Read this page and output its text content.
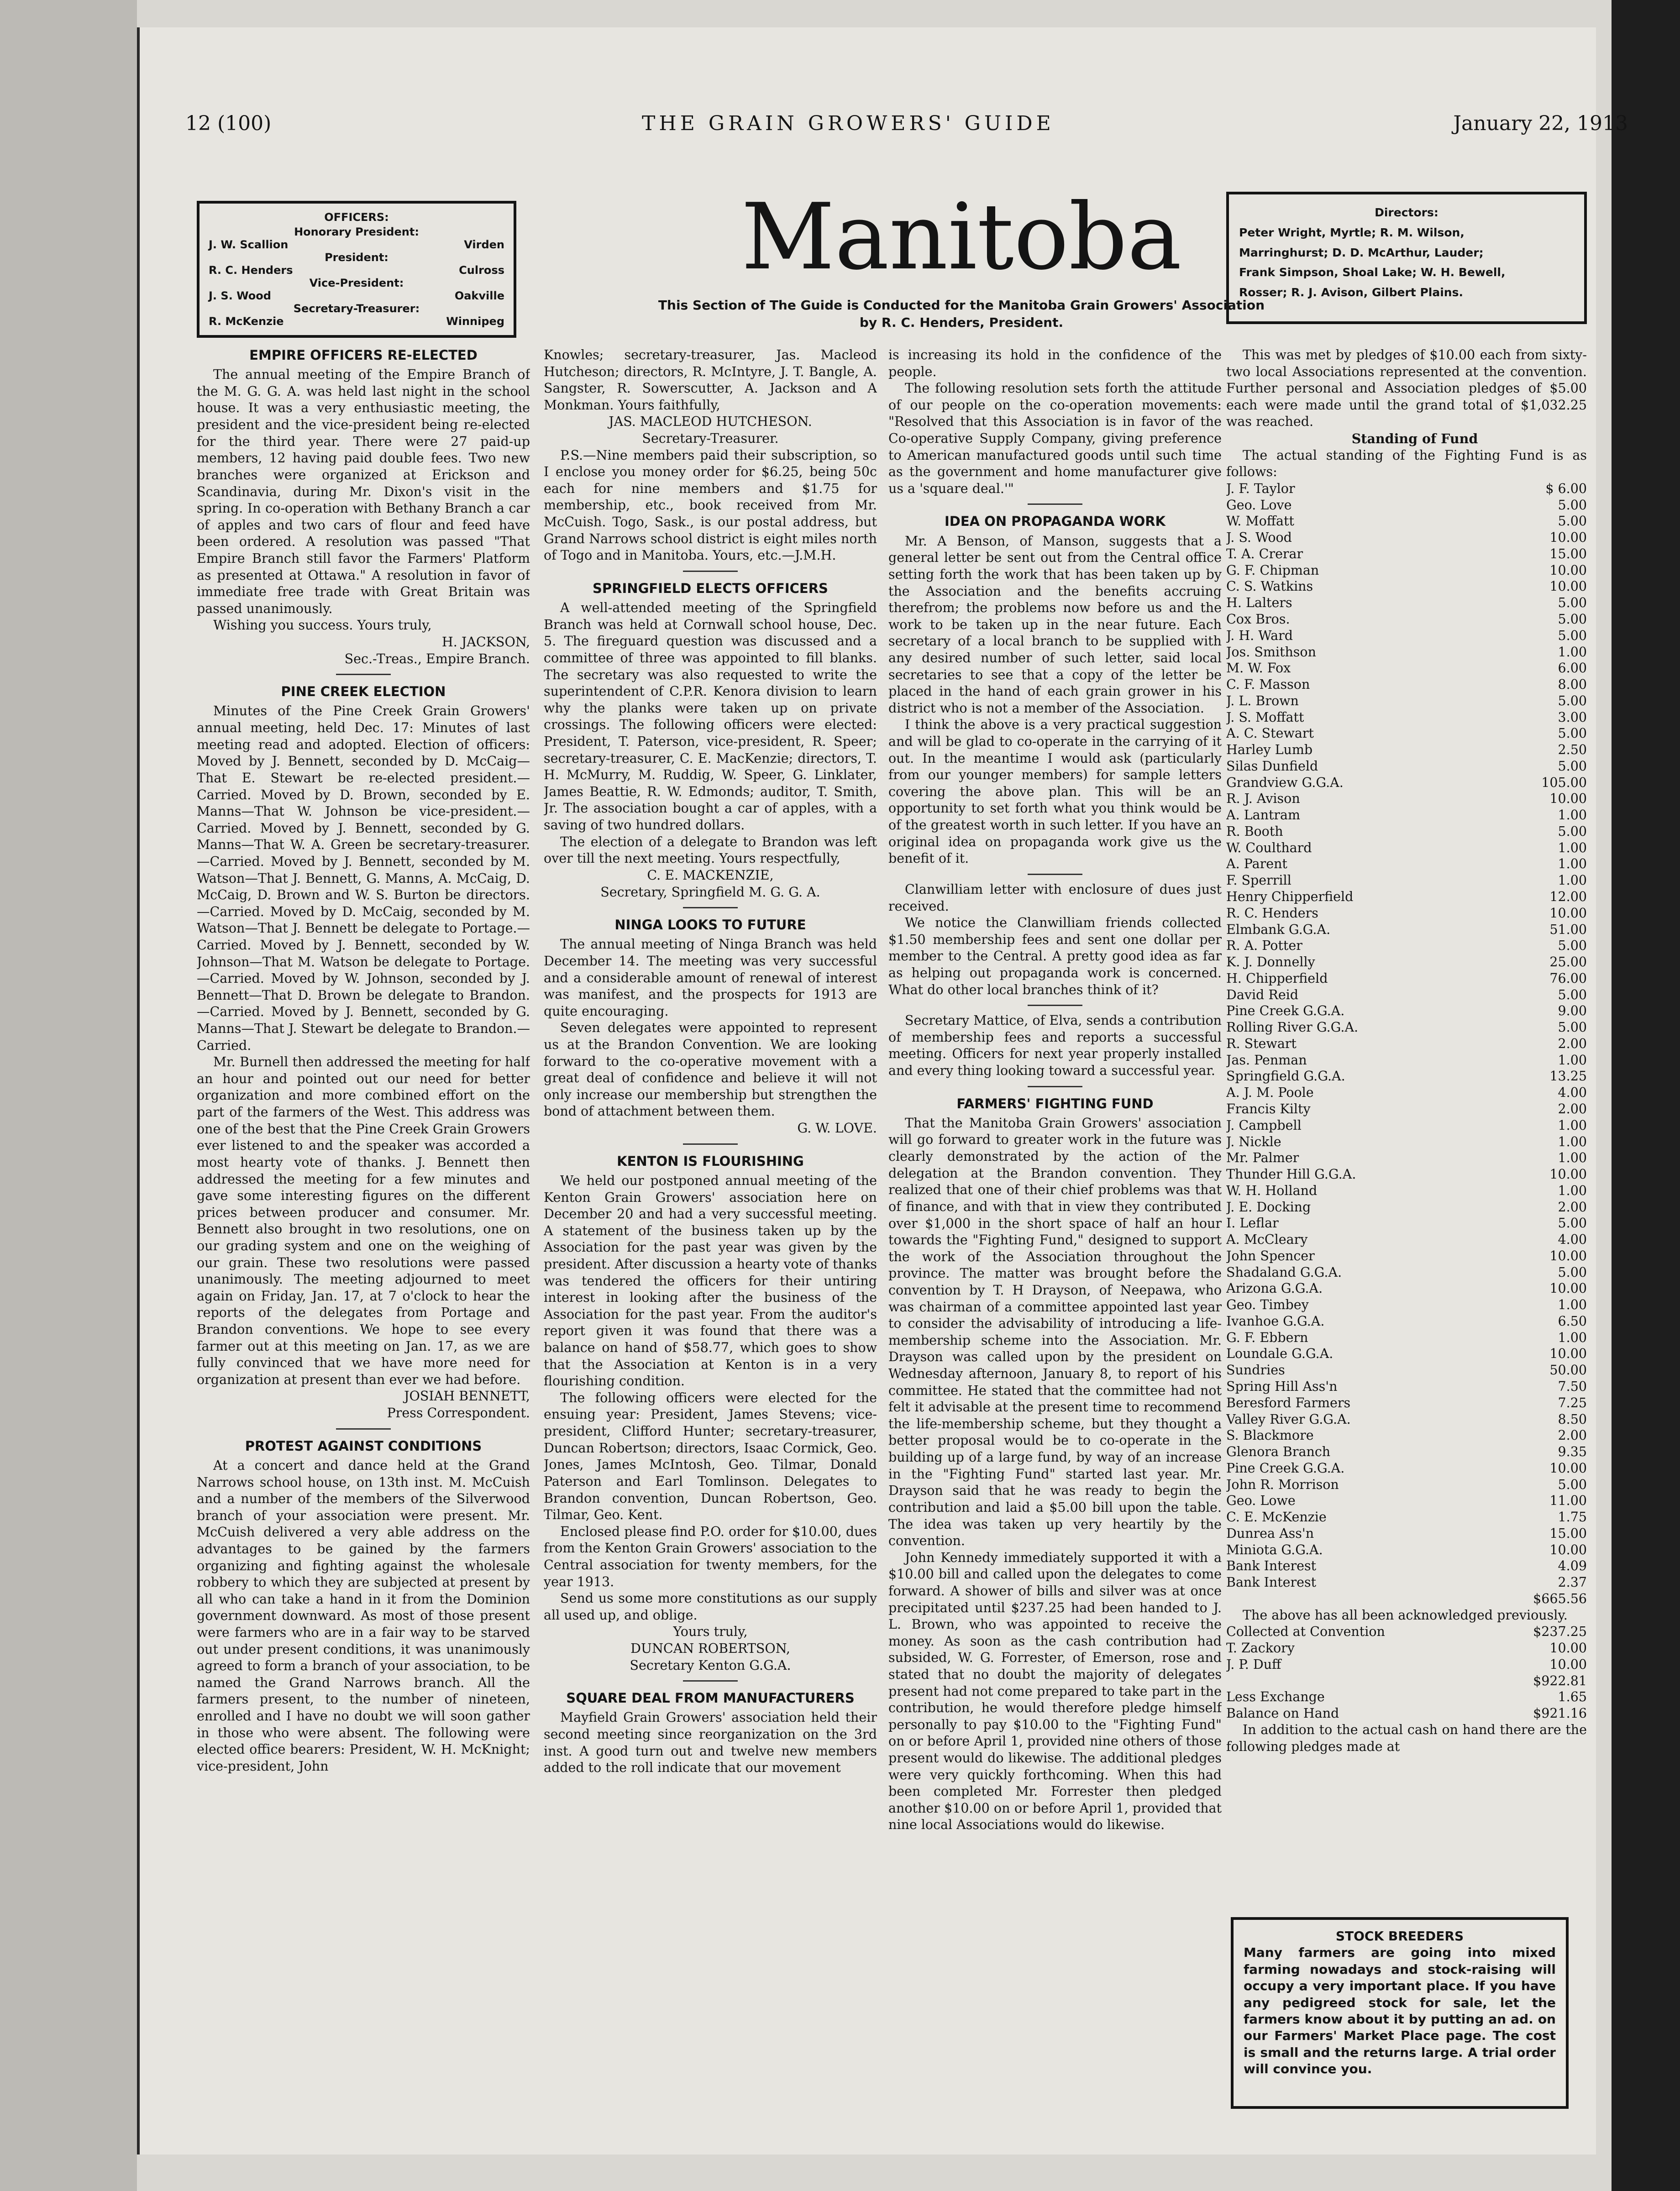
12 (100)	THE GRAIN GROWERS' GUIDE	January 22, 1913
OFFICERS:
Honorary President:
J. W. Scallion	Virden
President:
R. C. Henders	Culross
Vice-President:
J. S. Wood	Oakville
Secretary-Treasurer:
R. McKenzie	Winnipeg
Manitoba
This Section of The Guide is Conducted for the Manitoba Grain Growers' Association
by R. C. Henders, President.
Directors:
Peter Wright, Myrtle; R. M. Wilson,
Marringhurst; D. D. McArthur, Lauder;
Frank Simpson, Shoal Lake; W. H. Bewell,
Rosser; R. J. Avison, Gilbert Plains.

EMPIRE OFFICERS RE-ELECTED

The annual meeting of the Empire Branch of the M. G. G. A. was held last night in the school house. It was a very enthusiastic meeting, the president and the vice-president being re-elected for the third year. There were 27 paid-up members, 12 having paid double fees. Two new branches were organized at Erickson and Scandinavia, during Mr. Dixon's visit in the spring. In co-operation with Bethany Branch a car of apples and two cars of flour and feed have been ordered. A resolution was passed "That Empire Branch still favor the Farmers' Platform as presented at Ottawa." A resolution in favor of immediate free trade with Great Britain was passed unanimously.

Wishing you success. Yours truly,

H. JACKSON,

Sec.-Treas., Empire Branch.

PINE CREEK ELECTION

Minutes of the Pine Creek Grain Growers' annual meeting, held Dec. 17: Minutes of last meeting read and adopted. Election of officers: Moved by J. Bennett, seconded by D. McCaig—That E. Stewart be re-elected president.—Carried. Moved by D. Brown, seconded by E. Manns—That W. Johnson be vice-president.—Carried. Moved by J. Bennett, seconded by G. Manns—That W. A. Green be secretary-treasurer.—Carried. Moved by J. Bennett, seconded by M. Watson—That J. Bennett, G. Manns, A. McCaig, D. McCaig, D. Brown and W. S. Burton be directors.—Carried. Moved by D. McCaig, seconded by M. Watson—That J. Bennett be delegate to Portage.—Carried. Moved by J. Bennett, seconded by W. Johnson—That M. Watson be delegate to Portage.—Carried. Moved by W. Johnson, seconded by J. Bennett—That D. Brown be delegate to Brandon.—Carried. Moved by J. Bennett, seconded by G. Manns—That J. Stewart be delegate to Brandon.—Carried.

Mr. Burnell then addressed the meeting for half an hour and pointed out our need for better organization and more combined effort on the part of the farmers of the West. This address was one of the best that the Pine Creek Grain Growers ever listened to and the speaker was accorded a most hearty vote of thanks. J. Bennett then addressed the meeting for a few minutes and gave some interesting figures on the different prices between producer and consumer. Mr. Bennett also brought in two resolutions, one on our grading system and one on the weighing of our grain. These two resolutions were passed unanimously. The meeting adjourned to meet again on Friday, Jan. 17, at 7 o'clock to hear the reports of the delegates from Portage and Brandon conventions. We hope to see every farmer out at this meeting on Jan. 17, as we are fully convinced that we have more need for organization at present than ever we had before.

JOSIAH BENNETT,

Press Correspondent.

PROTEST AGAINST CONDITIONS

At a concert and dance held at the Grand Narrows school house, on 13th inst. M. McCuish and a number of the members of the Silverwood branch of your association were present. Mr. McCuish delivered a very able address on the advantages to be gained by the farmers organizing and fighting against the wholesale robbery to which they are subjected at present by all who can take a hand in it from the Dominion government downward. As most of those present were farmers who are in a fair way to be starved out under present conditions, it was unanimously agreed to form a branch of your association, to be named the Grand Narrows branch. All the farmers present, to the number of nineteen, enrolled and I have no doubt we will soon gather in those who were absent. The following were elected office bearers: President, W. H. McKnight; vice-president, John

Knowles; secretary-treasurer, Jas. Macleod Hutcheson; directors, R. McIntyre, J. T. Bangle, A. Sangster, R. Sowerscutter, A. Jackson and A Monkman. Yours faithfully,

JAS. MACLEOD HUTCHESON.

Secretary-Treasurer.

P.S.—Nine members paid their subscription, so I enclose you money order for $6.25, being 50c each for nine members and $1.75 for membership, etc., book received from Mr. McCuish. Togo, Sask., is our postal address, but Grand Narrows school district is eight miles north of Togo and in Manitoba. Yours, etc.—J.M.H.

SPRINGFIELD ELECTS OFFICERS

A well-attended meeting of the Springfield Branch was held at Cornwall school house, Dec. 5. The fireguard question was discussed and a committee of three was appointed to fill blanks. The secretary was also requested to write the superintendent of C.P.R. Kenora division to learn why the planks were taken up on private crossings. The following officers were elected: President, T. Paterson, vice-president, R. Speer; secretary-treasurer, C. E. MacKenzie; directors, T. H. McMurry, M. Ruddig, W. Speer, G. Linklater, James Beattie, R. W. Edmonds; auditor, T. Smith, Jr. The association bought a car of apples, with a saving of two hundred dollars.

The election of a delegate to Brandon was left over till the next meeting. Yours respectfully,

C. E. MACKENZIE,

Secretary, Springfield M. G. G. A.

NINGA LOOKS TO FUTURE

The annual meeting of Ninga Branch was held December 14. The meeting was very successful and a considerable amount of renewal of interest was manifest, and the prospects for 1913 are quite encouraging.

Seven delegates were appointed to represent us at the Brandon Convention. We are looking forward to the co-operative movement with a great deal of confidence and believe it will not only increase our membership but strengthen the bond of attachment between them.

G. W. LOVE.

KENTON IS FLOURISHING

We held our postponed annual meeting of the Kenton Grain Growers' association here on December 20 and had a very successful meeting. A statement of the business taken up by the Association for the past year was given by the president. After discussion a hearty vote of thanks was tendered the officers for their untiring interest in looking after the business of the Association for the past year. From the auditor's report given it was found that there was a balance on hand of $58.77, which goes to show that the Association at Kenton is in a very flourishing condition.

The following officers were elected for the ensuing year: President, James Stevens; vice-president, Clifford Hunter; secretary-treasurer, Duncan Robertson; directors, Isaac Cormick, Geo. Jones, James McIntosh, Geo. Tilmar, Donald Paterson and Earl Tomlinson. Delegates to Brandon convention, Duncan Robertson, Geo. Tilmar, Geo. Kent.

Enclosed please find P.O. order for $10.00, dues from the Kenton Grain Growers' association to the Central association for twenty members, for the year 1913.

Send us some more constitutions as our supply all used up, and oblige.

Yours truly,

DUNCAN ROBERTSON,

Secretary Kenton G.G.A.

SQUARE DEAL FROM MANUFACTURERS

Mayfield Grain Growers' association held their second meeting since reorganization on the 3rd inst. A good turn out and twelve new members added to the roll indicate that our movement

is increasing its hold in the confidence of the people.

The following resolution sets forth the attitude of our people on the co-operation movements: "Resolved that this Association is in favor of the Co-operative Supply Company, giving preference to American manufactured goods until such time as the government and home manufacturer give us a 'square deal.'"

IDEA ON PROPAGANDA WORK

Mr. A Benson, of Manson, suggests that a general letter be sent out from the Central office setting forth the work that has been taken up by the Association and the benefits accruing therefrom; the problems now before us and the work to be taken up in the near future. Each secretary of a local branch to be supplied with any desired number of such letter, said local secretaries to see that a copy of the letter be placed in the hand of each grain grower in his district who is not a member of the Association.

I think the above is a very practical suggestion and will be glad to co-operate in the carrying of it out. In the meantime I would ask (particularly from our younger members) for sample letters covering the above plan. This will be an opportunity to set forth what you think would be of the greatest worth in such letter. If you have an original idea on propaganda work give us the benefit of it.

Clanwilliam letter with enclosure of dues just received.

We notice the Clanwilliam friends collected $1.50 membership fees and sent one dollar per member to the Central. A pretty good idea as far as helping out propaganda work is concerned. What do other local branches think of it?

Secretary Mattice, of Elva, sends a contribution of membership fees and reports a successful meeting. Officers for next year properly installed and every thing looking toward a successful year.

FARMERS' FIGHTING FUND

That the Manitoba Grain Growers' association will go forward to greater work in the future was clearly demonstrated by the action of the delegation at the Brandon convention. They realized that one of their chief problems was that of finance, and with that in view they contributed over $1,000 in the short space of half an hour towards the "Fighting Fund," designed to support the work of the Association throughout the province. The matter was brought before the convention by T. H Drayson, of Neepawa, who was chairman of a committee appointed last year to consider the advisability of introducing a life-membership scheme into the Association. Mr. Drayson was called upon by the president on Wednesday afternoon, January 8, to report of his committee. He stated that the committee had not felt it advisable at the present time to recommend the life-membership scheme, but they thought a better proposal would be to co-operate in the building up of a large fund, by way of an increase in the "Fighting Fund" started last year. Mr. Drayson said that he was ready to begin the contribution and laid a $5.00 bill upon the table. The idea was taken up very heartily by the convention.

John Kennedy immediately supported it with a $10.00 bill and called upon the delegates to come forward. A shower of bills and silver was at once precipitated until $237.25 had been handed to J. L. Brown, who was appointed to receive the money. As soon as the cash contribution had subsided, W. G. Forrester, of Emerson, rose and stated that no doubt the majority of delegates present had not come prepared to take part in the contribution, he would therefore pledge himself personally to pay $10.00 to the "Fighting Fund" on or before April 1, provided nine others of those present would do likewise. The additional pledges were very quickly forthcoming. When this had been completed Mr. Forrester then pledged another $10.00 on or before April 1, provided that nine local Associations would do likewise.

This was met by pledges of $10.00 each from sixty-two local Associations represented at the convention. Further personal and Association pledges of $5.00 each were made until the grand total of $1,032.25 was reached.

Standing of Fund

The actual standing of the Fighting Fund is as follows:

J. F. Taylor	$ 6.00
Geo. Love	5.00
W. Moffatt	5.00
J. S. Wood	10.00
T. A. Crerar	15.00
G. F. Chipman	10.00
C. S. Watkins	10.00
H. Lalters	5.00
Cox Bros.	5.00
J. H. Ward	5.00
Jos. Smithson	1.00
M. W. Fox	6.00
C. F. Masson	8.00
J. L. Brown	5.00
J. S. Moffatt	3.00
A. C. Stewart	5.00
Harley Lumb	2.50
Silas Dunfield	5.00
Grandview G.G.A.	105.00
R. J. Avison	10.00
A. Lantram	1.00
R. Booth	5.00
W. Coulthard	1.00
A. Parent	1.00
F. Sperrill	1.00
Henry Chipperfield	12.00
R. C. Henders	10.00
Elmbank G.G.A.	51.00
R. A. Potter	5.00
K. J. Donnelly	25.00
H. Chipperfield	76.00
David Reid	5.00
Pine Creek G.G.A.	9.00
Rolling River G.G.A.	5.00
R. Stewart	2.00
Jas. Penman	1.00
Springfield G.G.A.	13.25
A. J. M. Poole	4.00
Francis Kilty	2.00
J. Campbell	1.00
J. Nickle	1.00
Mr. Palmer	1.00
Thunder Hill G.G.A.	10.00
W. H. Holland	1.00
J. E. Docking	2.00
I. Leflar	5.00
A. McCleary	4.00
John Spencer	10.00
Shadaland G.G.A.	5.00
Arizona G.G.A.	10.00
Geo. Timbey	1.00
Ivanhoe G.G.A.	6.50
G. F. Ebbern	1.00
Loundale G.G.A.	10.00
Sundries	50.00
Spring Hill Ass'n	7.50
Beresford Farmers	7.25
Valley River G.G.A.	8.50
S. Blackmore	2.00
Glenora Branch	9.35
Pine Creek G.G.A.	10.00
John R. Morrison	5.00
Geo. Lowe	11.00
C. E. McKenzie	1.75
Dunrea Ass'n	15.00
Miniota G.G.A.	10.00
Bank Interest	4.09
Bank Interest	2.37
$665.56

The above has all been acknowledged previously.

Collected at Convention	$237.25
T. Zackory	10.00
J. P. Duff	10.00
$922.81
Less Exchange	1.65
Balance on Hand	$921.16

In addition to the actual cash on hand there are the following pledges made at

STOCK BREEDERS
Many farmers are going into mixed farming nowadays and stock-raising will occupy a very important place. If you have any pedigreed stock for sale, let the farmers know about it by putting an ad. on our Farmers' Market Place page. The cost is small and the returns large. A trial order will convince you.
